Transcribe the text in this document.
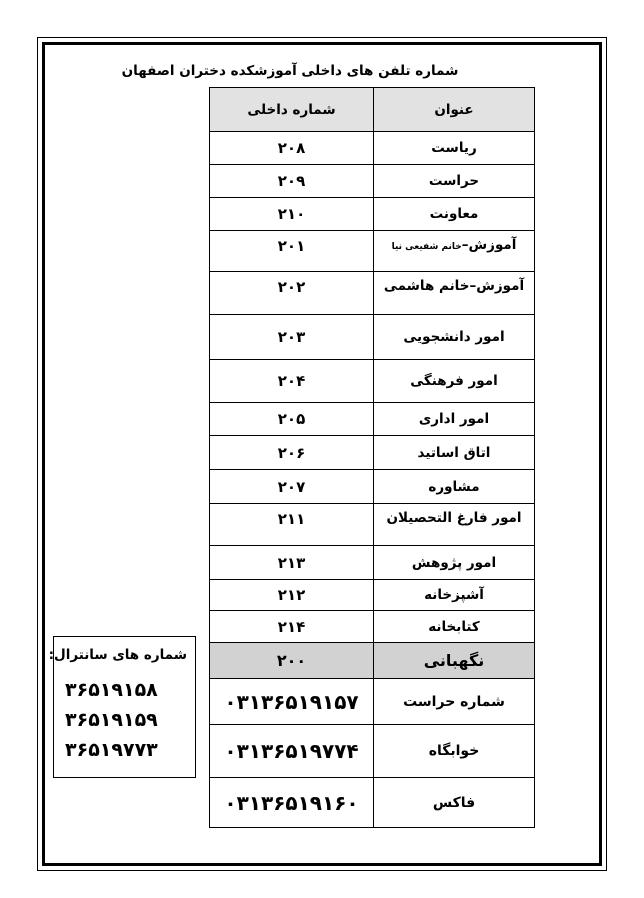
شماره تلفن های داخلی آموزشکده دختران اصفهان
عنوان	شماره داخلی
ریاست	۲۰۸
حراست	۲۰۹
معاونت	۲۱۰
آموزش–خانم شفیعی نیا	۲۰۱
آموزش–خانم هاشمی	۲۰۲
امور دانشجویی	۲۰۳
امور فرهنگی	۲۰۴
امور اداری	۲۰۵
اتاق اساتید	۲۰۶
مشاوره	۲۰۷
امور فارغ التحصیلان	۲۱۱
امور پژوهش	۲۱۳
آشپزخانه	۲۱۲
کتابخانه	۲۱۴
نگهبانی	۲۰۰
شماره حراست	۰۳۱۳۶۵۱۹۱۵۷
خوابگاه	۰۳۱۳۶۵۱۹۷۷۴
فاکس	۰۳۱۳۶۵۱۹۱۶۰
شماره های سانترال:
۳۶۵۱۹۱۵۸
۳۶۵۱۹۱۵۹
۳۶۵۱۹۷۷۳
